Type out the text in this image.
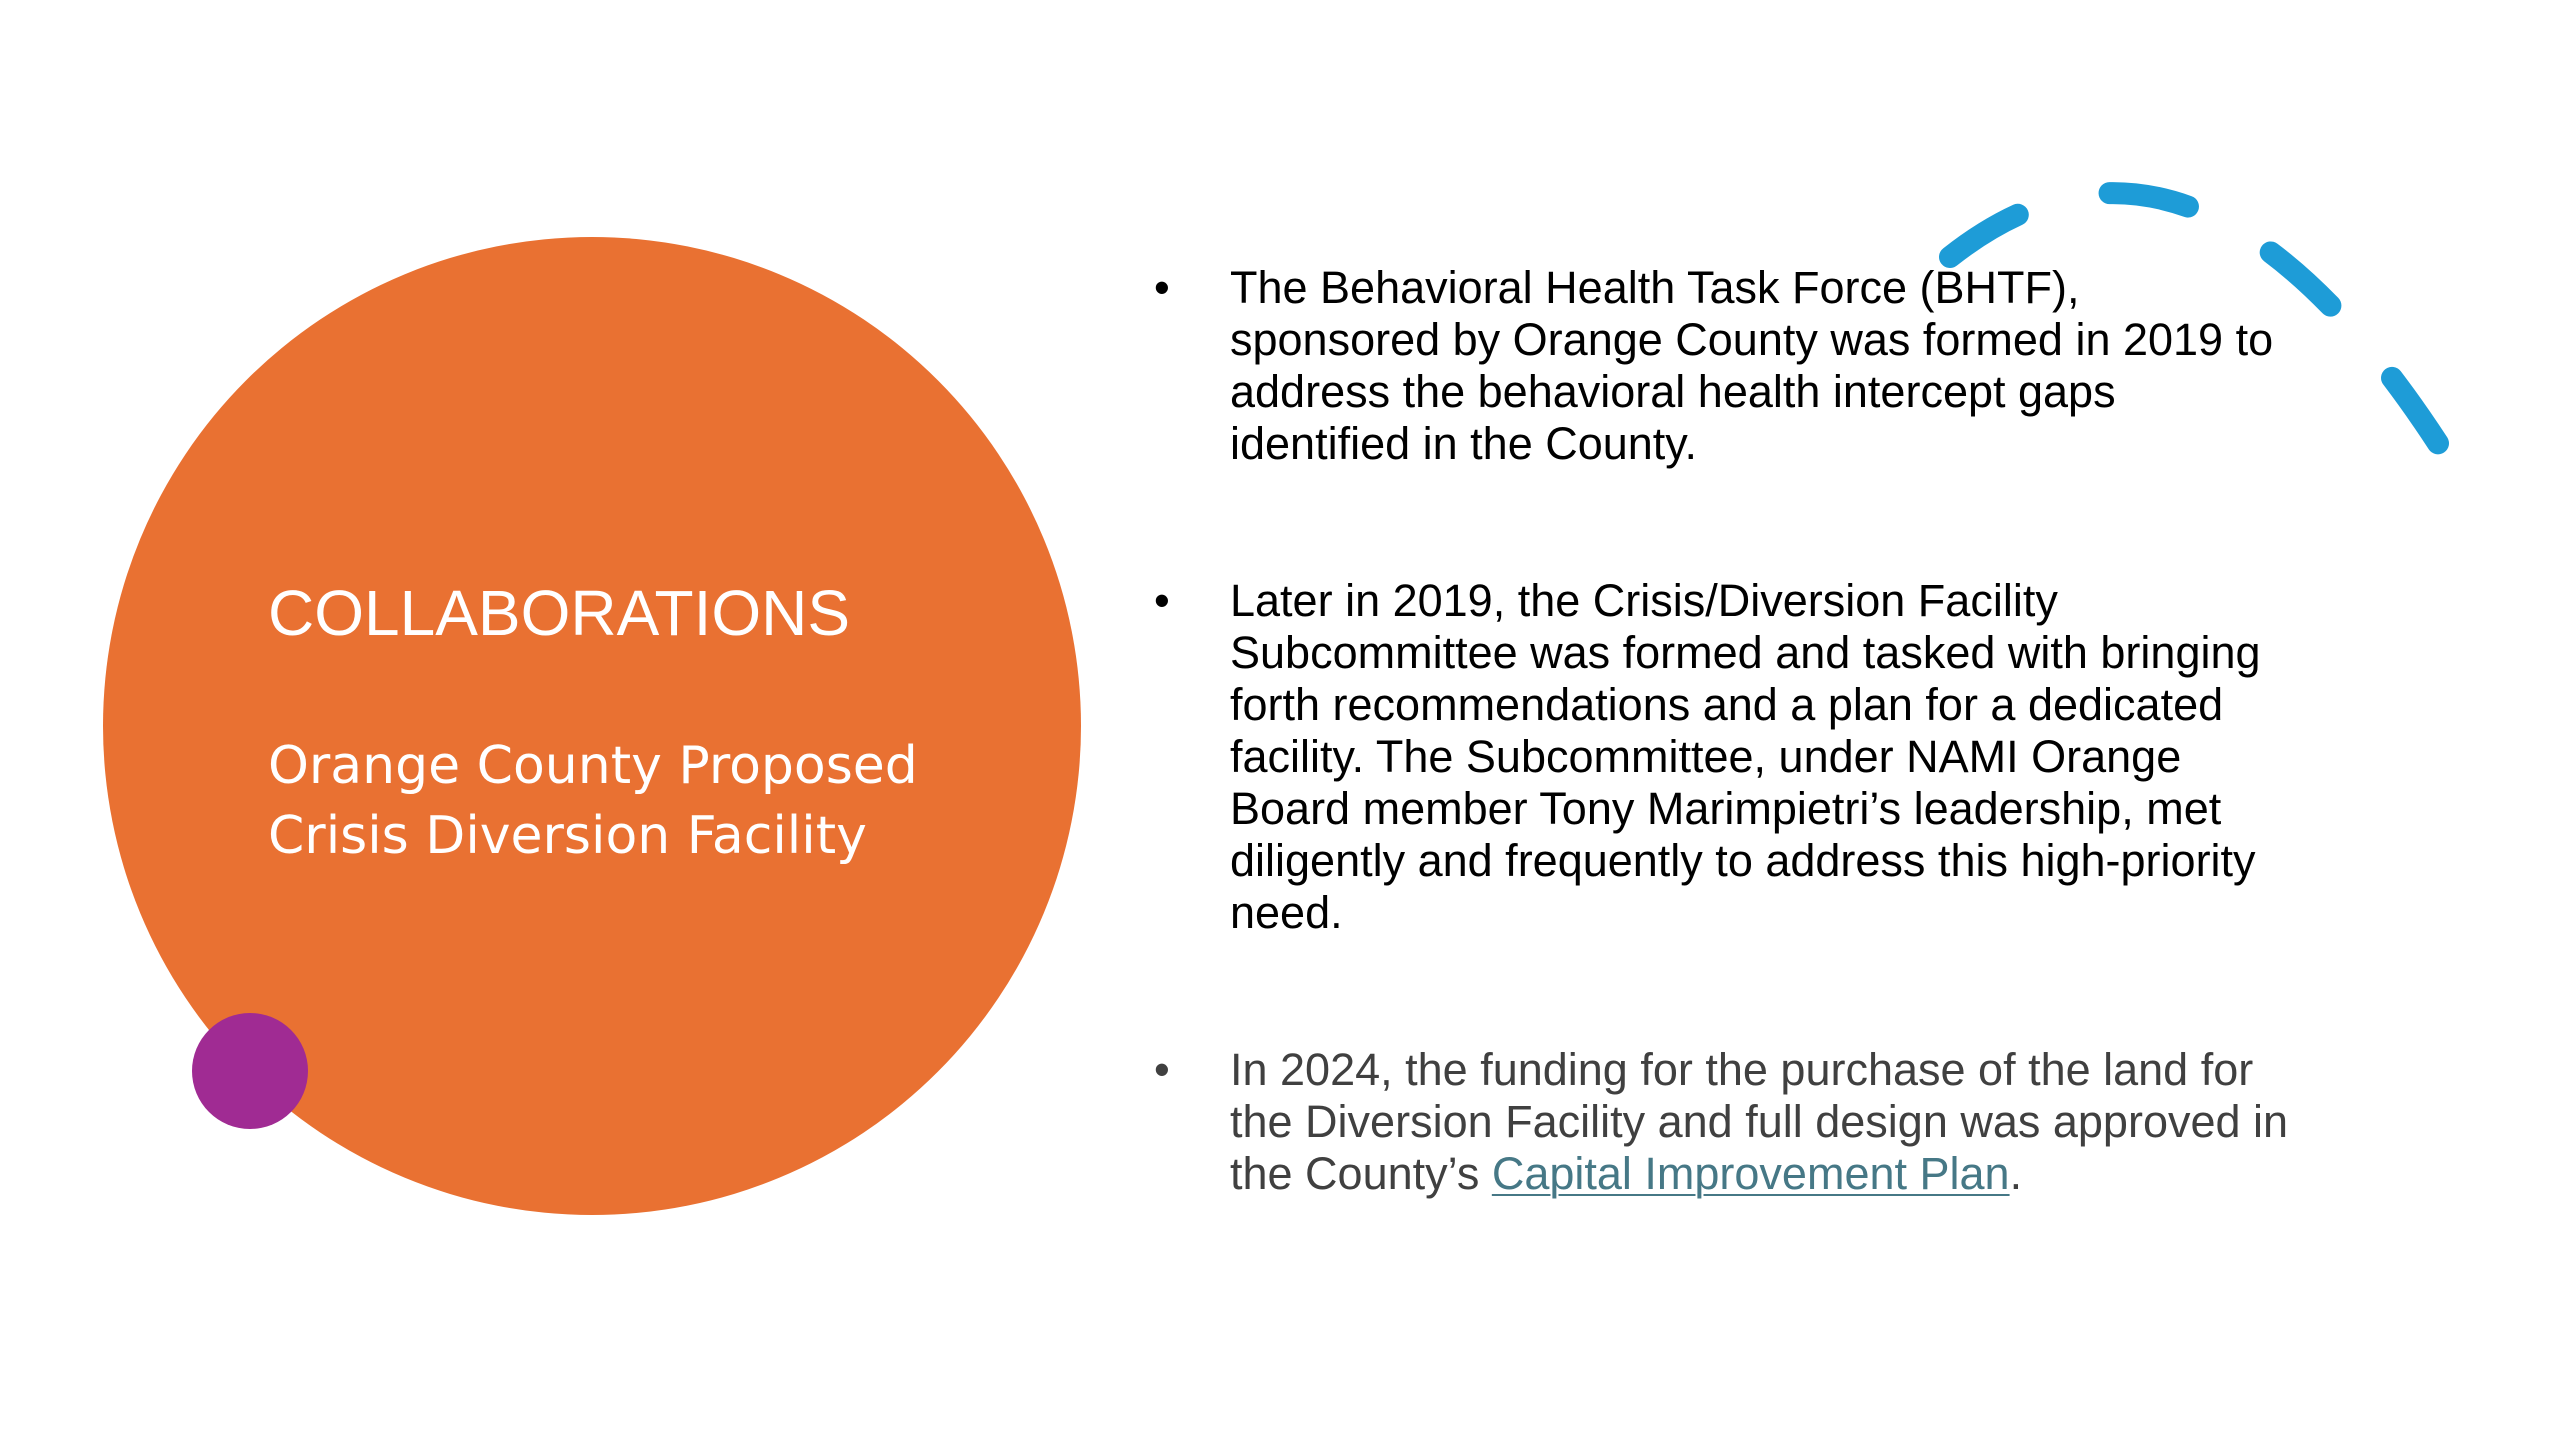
COLLABORATIONS
Orange County Proposed
Crisis Diversion Facility
• The Behavioral Health Task Force (BHTF), sponsored by Orange County was formed in 2019 to address the behavioral health intercept gaps identified in the County.
• Later in 2019, the Crisis/Diversion Facility Subcommittee was formed and tasked with bringing forth recommendations and a plan for a dedicated facility. The Subcommittee, under NAMI Orange Board member Tony Marimpietri’s leadership, met diligently and frequently to address this high-priority need.
• In 2024, the funding for the purchase of the land for the Diversion Facility and full design was approved in the County’s Capital Improvement Plan.
